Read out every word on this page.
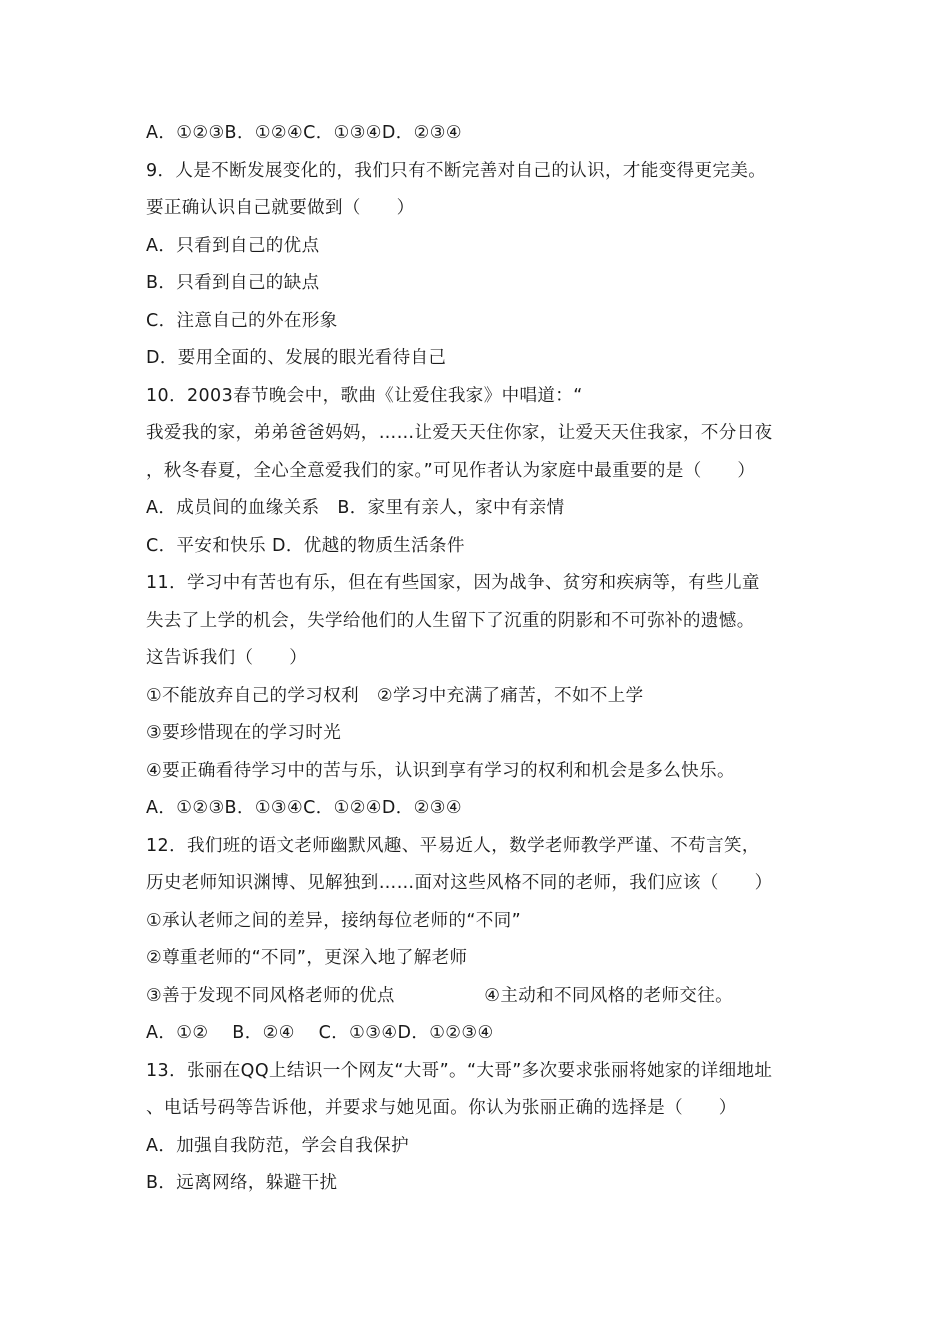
A．①②③B．①②④C．①③④D．②③④
9．人是不断发展变化的，我们只有不断完善对自己的认识，才能变得更完美。
要正确认识自己就要做到（　　）
A．只看到自己的优点
B．只看到自己的缺点
C．注意自己的外在形象
D．要用全面的、发展的眼光看待自己
10．2003春节晚会中，歌曲《让爱住我家》中唱道：“
我爱我的家，弟弟爸爸妈妈，……让爱天天住你家，让爱天天住我家，不分日夜
，秋冬春夏，全心全意爱我们的家。”可见作者认为家庭中最重要的是（　　）
A．成员间的血缘关系　B．家里有亲人，家中有亲情
C．平安和快乐 D．优越的物质生活条件
11．学习中有苦也有乐，但在有些国家，因为战争、贫穷和疾病等，有些儿童
失去了上学的机会，失学给他们的人生留下了沉重的阴影和不可弥补的遗憾。
这告诉我们（　　）
①不能放弃自己的学习权利　②学习中充满了痛苦，不如不上学
③要珍惜现在的学习时光
④要正确看待学习中的苦与乐，认识到享有学习的权利和机会是多么快乐。
A．①②③B．①③④C．①②④D．②③④
12．我们班的语文老师幽默风趣、平易近人，数学老师教学严谨、不苟言笑，
历史老师知识渊博、见解独到……面对这些风格不同的老师，我们应该（　　）
①承认老师之间的差异，接纳每位老师的“不同”
②尊重老师的“不同”，更深入地了解老师
③善于发现不同风格老师的优点　　　　　④主动和不同风格的老师交往。
A．①②　 B．②④　 C．①③④D．①②③④
13．张丽在QQ上结识一个网友“大哥”。“大哥”多次要求张丽将她家的详细地址
、电话号码等告诉他，并要求与她见面。你认为张丽正确的选择是（　　）
A．加强自我防范，学会自我保护
B．远离网络，躲避干扰
